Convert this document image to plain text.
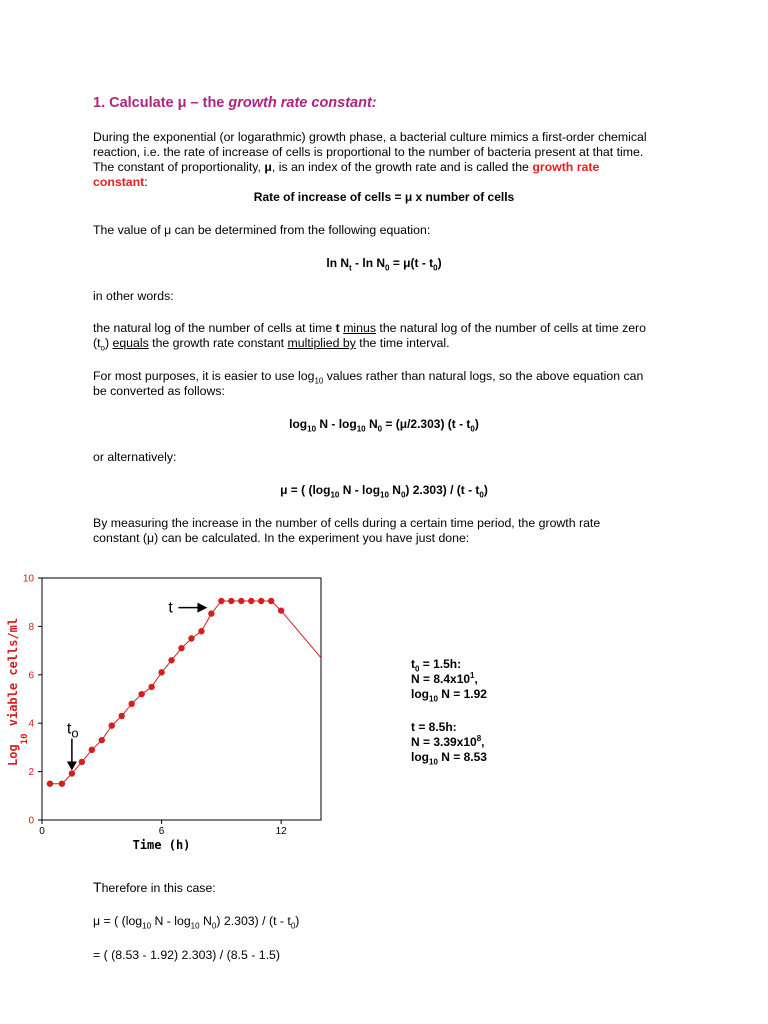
1. Calculate μ – the growth rate constant:
During the exponential (or logarathmic) growth phase, a bacterial culture mimics a first-order chemical
reaction, i.e. the rate of increase of cells is proportional to the number of bacteria present at that time.
The constant of proportionality, μ, is an index of the growth rate and is called the growth rate
constant:
Rate of increase of cells = μ x number of cells
The value of μ can be determined from the following equation:
$\ln N_t - \ln N_0 = \mu(t - t_0)$
in other words:
the natural log of the number of cells at time t minus the natural log of the number of cells at time zero
$(t_o)$ equals the growth rate constant multiplied by the time interval.
For most purposes, it is easier to use $\log_{10}$ values rather than natural logs, so the above equation can
be converted as follows:
$\log_{10} N - \log_{10} N_0 = (\mu/2.303)$ $(t - t_0)$
or alternatively:
μ = ( ($\log_{10}$ N - $\log_{10} N_0$) $2.303) / (t - t_0)$
By measuring the increase in the number of cells during a certain time period, the growth rate
constant (μ) can be calculated. In the experiment you have just done:
0
2
4
6
8
10
0	6	12
Time (h)
Log$_{10}$ viable cells/ml	$t_o$
t
$t_0 = 1.5h$:
$N = 8.4x10^1$,
$\log_{10} N = 1.92$
t = 8.5h:
$N = 3.39x10^8$,
$\log_{10} N = 8.53$
Therefore in this case:
μ = ( ($\log_{10}$ N - $\log_{10} N_0$) $2.303) / (t - t_0)$
= ( (8.53 - 1.92) 2.303) / (8.5 - 1.5)
